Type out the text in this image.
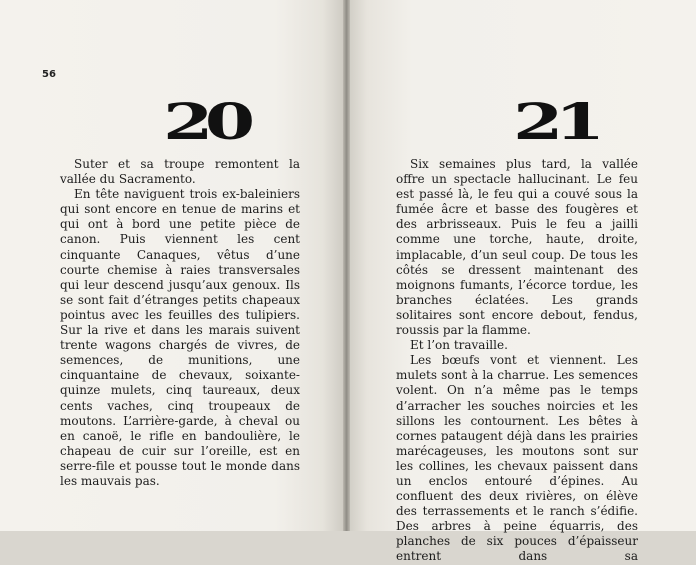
56
20

Suter et sa troupe remontent la vallée du Sacramento.

En tête naviguent trois ex-baleiniers qui sont encore en tenue de marins et qui ont à bord une petite pièce de canon. Puis viennent les cent cinquante Canaques, vêtus d’une courte chemise à raies transversales qui leur descend jusqu’aux genoux. Ils se sont fait d’étranges petits chapeaux pointus avec les feuilles des tulipiers. Sur la rive et dans les marais suivent trente wagons chargés de vivres, de semences, de munitions, une cinquantaine de chevaux, soixante-quinze mulets, cinq taureaux, deux cents vaches, cinq troupeaux de moutons. L’arrière-garde, à cheval ou en canoë, le rifle en bandoulière, le chapeau de cuir sur l’oreille, est en serre-file et pousse tout le monde dans les mauvais pas.

21

Six semaines plus tard, la vallée offre un spectacle hallucinant. Le feu est passé là, le feu qui a couvé sous la fumée âcre et basse des fougères et des arbrisseaux. Puis le feu a jailli comme une torche, haute, droite, implacable, d’un seul coup. De tous les côtés se dressent maintenant des moignons fumants, l’écorce tordue, les branches éclatées. Les grands solitaires sont encore debout, fendus, roussis par la flamme.

Et l’on travaille.

Les bœufs vont et viennent. Les mulets sont à la charrue. Les semences volent. On n’a même pas le temps d’arracher les souches noircies et les sillons les contournent. Les bêtes à cornes pataugent déjà dans les prairies marécageuses, les moutons sont sur les collines, les chevaux paissent dans un enclos entouré d’épines. Au confluent des deux rivières, on élève des terrassements et le ranch s’édifie. Des arbres à peine équarris, des planches de six pouces d’épaisseur entrent dans sa
